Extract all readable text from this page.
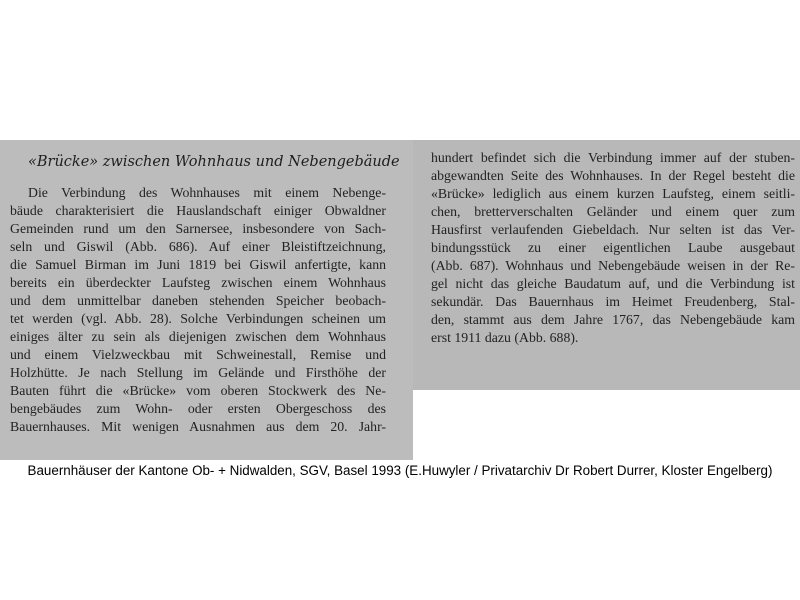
«Brücke» zwischen Wohnhaus und Nebengebäude
Die Verbindung des Wohnhauses mit einem Nebenge-
bäude charakterisiert die Hauslandschaft einiger Obwaldner
Gemeinden rund um den Sarnersee, insbesondere von Sach-
seln und Giswil (Abb. 686). Auf einer Bleistiftzeichnung,
die Samuel Birman im Juni 1819 bei Giswil anfertigte, kann
bereits ein überdeckter Laufsteg zwischen einem Wohnhaus
und dem unmittelbar daneben stehenden Speicher beobach-
tet werden (vgl. Abb. 28). Solche Verbindungen scheinen um
einiges älter zu sein als diejenigen zwischen dem Wohnhaus
und einem Vielzweckbau mit Schweinestall, Remise und
Holzhütte. Je nach Stellung im Gelände und Firsthöhe der
Bauten führt die «Brücke» vom oberen Stockwerk des Ne-
bengebäudes zum Wohn- oder ersten Obergeschoss des
Bauernhauses. Mit wenigen Ausnahmen aus dem 20. Jahr-
hundert befindet sich die Verbindung immer auf der stuben-
abgewandten Seite des Wohnhauses. In der Regel besteht die
«Brücke» lediglich aus einem kurzen Laufsteg, einem seitli-
chen, bretterverschalten Geländer und einem quer zum
Hausfirst verlaufenden Giebeldach. Nur selten ist das Ver-
bindungsstück zu einer eigentlichen Laube ausgebaut
(Abb. 687). Wohnhaus und Nebengebäude weisen in der Re-
gel nicht das gleiche Baudatum auf, und die Verbindung ist
sekundär. Das Bauernhaus im Heimet Freudenberg, Stal-
den, stammt aus dem Jahre 1767, das Nebengebäude kam
erst 1911 dazu (Abb. 688).

Bauernhäuser der Kantone Ob- + Nidwalden, SGV, Basel 1993 (E.Huwyler / Privatarchiv Dr Robert Durrer, Kloster Engelberg)
